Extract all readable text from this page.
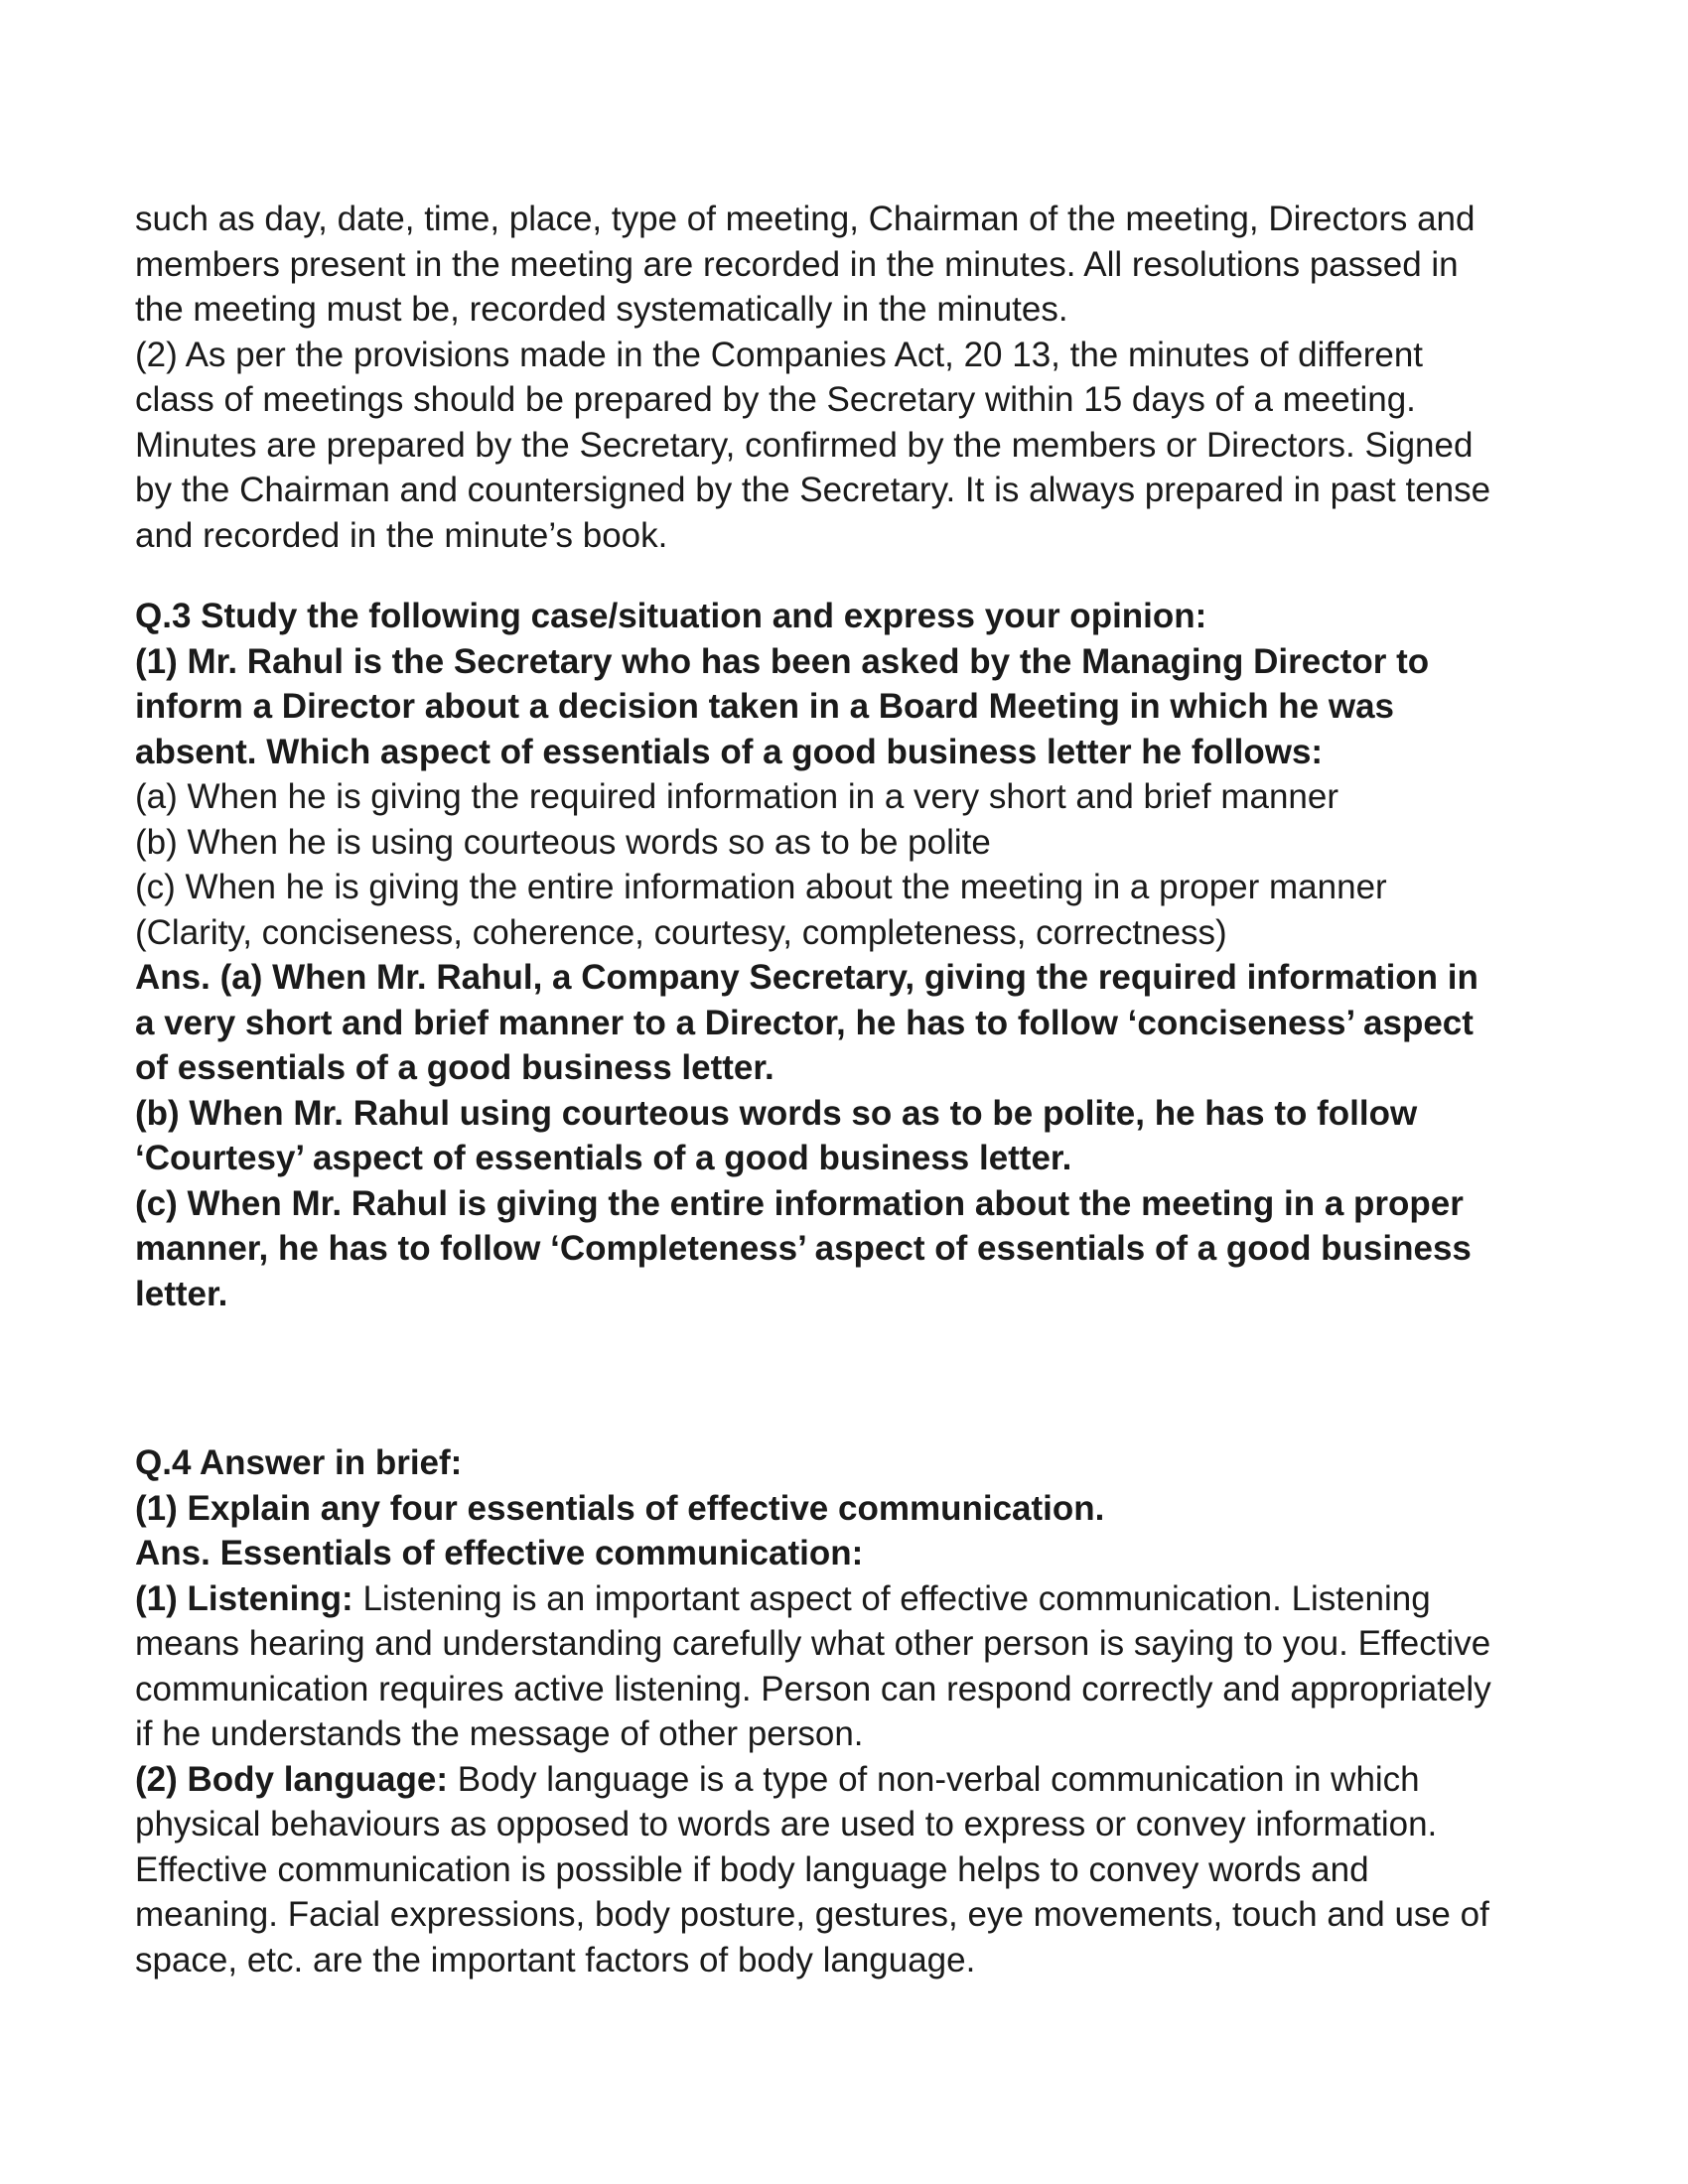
such as day, date, time, place, type of meeting, Chairman of the meeting, Directors and
members present in the meeting are recorded in the minutes. All resolutions passed in
the meeting must be, recorded systematically in the minutes.
(2) As per the provisions made in the Companies Act, 20 13, the minutes of different
class of meetings should be prepared by the Secretary within 15 days of a meeting.
Minutes are prepared by the Secretary, confirmed by the members or Directors. Signed
by the Chairman and countersigned by the Secretary. It is always prepared in past tense
and recorded in the minute’s book.
Q.3 Study the following case/situation and express your opinion:
(1) Mr. Rahul is the Secretary who has been asked by the Managing Director to
inform a Director about a decision taken in a Board Meeting in which he was
absent. Which aspect of essentials of a good business letter he follows:
(a) When he is giving the required information in a very short and brief manner
(b) When he is using courteous words so as to be polite
(c) When he is giving the entire information about the meeting in a proper manner
(Clarity, conciseness, coherence, courtesy, completeness, correctness)
Ans. (a) When Mr. Rahul, a Company Secretary, giving the required information in
a very short and brief manner to a Director, he has to follow ‘conciseness’ aspect
of essentials of a good business letter.
(b) When Mr. Rahul using courteous words so as to be polite, he has to follow
‘Courtesy’ aspect of essentials of a good business letter.
(c) When Mr. Rahul is giving the entire information about the meeting in a proper
manner, he has to follow ‘Completeness’ aspect of essentials of a good business
letter.
Q.4 Answer in brief:
(1) Explain any four essentials of effective communication.
Ans. Essentials of effective communication:
(1) Listening: Listening is an important aspect of effective communication. Listening
means hearing and understanding carefully what other person is saying to you. Effective
communication requires active listening. Person can respond correctly and appropriately
if he understands the message of other person.
(2) Body language: Body language is a type of non-verbal communication in which
physical behaviours as opposed to words are used to express or convey information.
Effective communication is possible if body language helps to convey words and
meaning. Facial expressions, body posture, gestures, eye movements, touch and use of
space, etc. are the important factors of body language.
